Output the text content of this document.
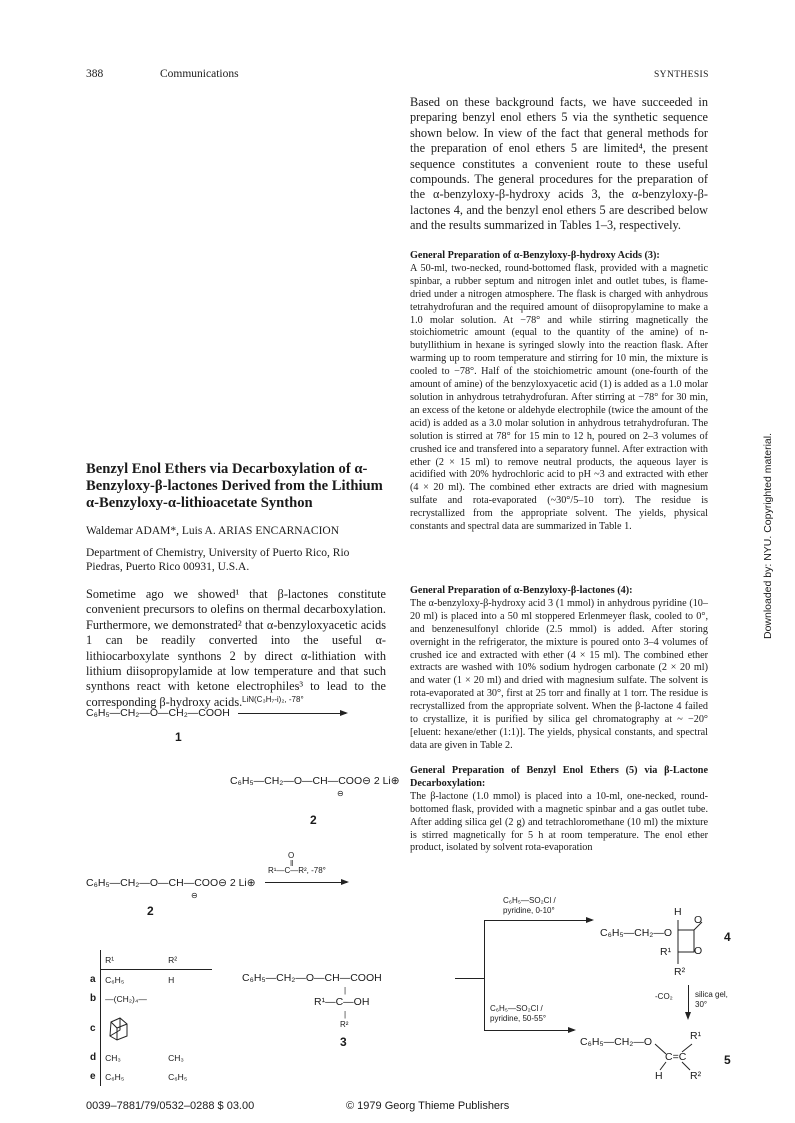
388	Communications	SYNTHESIS

Based on these background facts, we have succeeded in preparing benzyl enol ethers 5 via the synthetic sequence shown below. In view of the fact that general methods for the preparation of enol ethers 5 are limited⁴, the present sequence constitutes a convenient route to these useful compounds. The general procedures for the preparation of the α-benzyloxy-β-hydroxy acids 3, the α-benzyloxy-β-lactones 4, and the benzyl enol ethers 5 are described below and the results summarized in Tables 1–3, respectively.

General Preparation of α-Benzyloxy-β-hydroxy Acids (3):

A 50-ml, two-necked, round-bottomed flask, provided with a magnetic spinbar, a rubber septum and nitrogen inlet and outlet tubes, is flame-dried under a nitrogen atmosphere. The flask is charged with anhydrous tetrahydrofuran and the required amount of diisopropylamine to make a 1.0 molar solution. At −78° and while stirring magnetically the stoichiometric amount (equal to the quantity of the amine) of n-butyllithium in hexane is syringed slowly into the reaction flask. After warming up to room temperature and stirring for 10 min, the mixture is cooled to −78°. Half of the stoichiometric amount (one-fourth of the amount of amine) of the benzyloxyacetic acid (1) is added as a 1.0 molar solution in anhydrous tetrahydrofuran. After stirring at −78° for 30 min, an excess of the ketone or aldehyde electrophile (twice the amount of the acid) is added as a 3.0 molar solution in anhydrous tetrahydrofuran. The solution is stirred at 78° for 15 min to 12 h, poured on 2–3 volumes of crushed ice and transfered into a separatory funnel. After extraction with ether (2 × 15 ml) to remove neutral products, the aqueous layer is acidified with 20% hydrochloric acid to pH ~3 and extracted with ether (4 × 20 ml). The combined ether extracts are dried with magnesium sulfate and rota-evaporated (~30°/5–10 torr). The residue is recrystallized from the appropriate solvent. The yields, physical constants and spectral data are summarized in Table 1.

General Preparation of α-Benzyloxy-β-lactones (4):

The α-benzyloxy-β-hydroxy acid 3 (1 mmol) in anhydrous pyridine (10–20 ml) is placed into a 50 ml stoppered Erlenmeyer flask, cooled to 0°, and benzenesulfonyl chloride (2.5 mmol) is added. After storing overnight in the refrigerator, the mixture is poured onto 3–4 volumes of crushed ice and extracted with ether (4 × 15 ml). The combined ether extracts are washed with 10% sodium hydrogen carbonate (2 × 20 ml) and water (1 × 20 ml) and dried with magnesium sulfate. The solvent is rota-evaporated at 30°, first at 25 torr and finally at 1 torr. The residue is recrystallized from the appropriate solvent. When the β-lactone 4 failed to crystallize, it is purified by silica gel chromatography at ~ −20° [eluent: hexane/ether (1:1)]. The yields, physical constants, and spectral data are given in Table 2.

General Preparation of Benzyl Enol Ethers (5) via β-Lactone Decarboxylation:

The β-lactone (1.0 mmol) is placed into a 10-ml, one-necked, round-bottomed flask, provided with a magnetic spinbar and a gas outlet tube. After adding silica gel (2 g) and tetrachloromethane (10 ml) the mixture is stirred magnetically for 5 h at room temperature. The enol ether product, isolated by solvent rota-evaporation

Benzyl Enol Ethers via Decarboxylation of α-Benzyloxy-β-lactones Derived from the Lithium α-Benzyloxy-α-lithioacetate Synthon
Waldemar ADAM*, Luis A. ARIAS ENCARNACION
Department of Chemistry, University of Puerto Rico, Rio Piedras, Puerto Rico 00931, U.S.A.

Sometime ago we showed¹ that β-lactones constitute convenient precursors to olefins on thermal decarboxylation. Furthermore, we demonstrated² that α-benzyloxyacetic acids 1 can be readily converted into the useful α-lithiocarboxylate synthons 2 by direct α-lithiation with lithium diisopropylamide at low temperature and that such synthons react with ketone electrophiles³ to lead to the corresponding β-hydroxy acids.

C₆H₅—CH₂—O—CH₂—COOH
LiN(C₃H₇-i)₂, -78°
1
C₆H₅—CH₂—O—CH—COO⊖ 2 Li⊕
⊖
2
C₆H₅—CH₂—O—CH—COO⊖ 2 Li⊕
⊖
O
‖
R¹—C—R², -78°
2
	R¹	R²
a	C₆H₅	H
b	—(CH₂)₄—	
c		
d	CH₃	CH₃
e	C₆H₅	C₆H₅
C₆H₅—CH₂—O—CH—COOH
|
R¹—C—OH
|
R²
3
C₆H₅—SO₂Cl /
pyridine, 0-10°
C₆H₅—SO₂Cl /
pyridine, 50-55°
C₆H₅—CH₂—O
H
O
R¹
R²
O
4
-CO₂	silica gel,
30°
C₆H₅—CH₂—O
C=C
R¹
H	R²
5
0039–7881/79/0532–0288 $ 03.00	© 1979 Georg Thieme Publishers
Downloaded by: NYU. Copyrighted material.
